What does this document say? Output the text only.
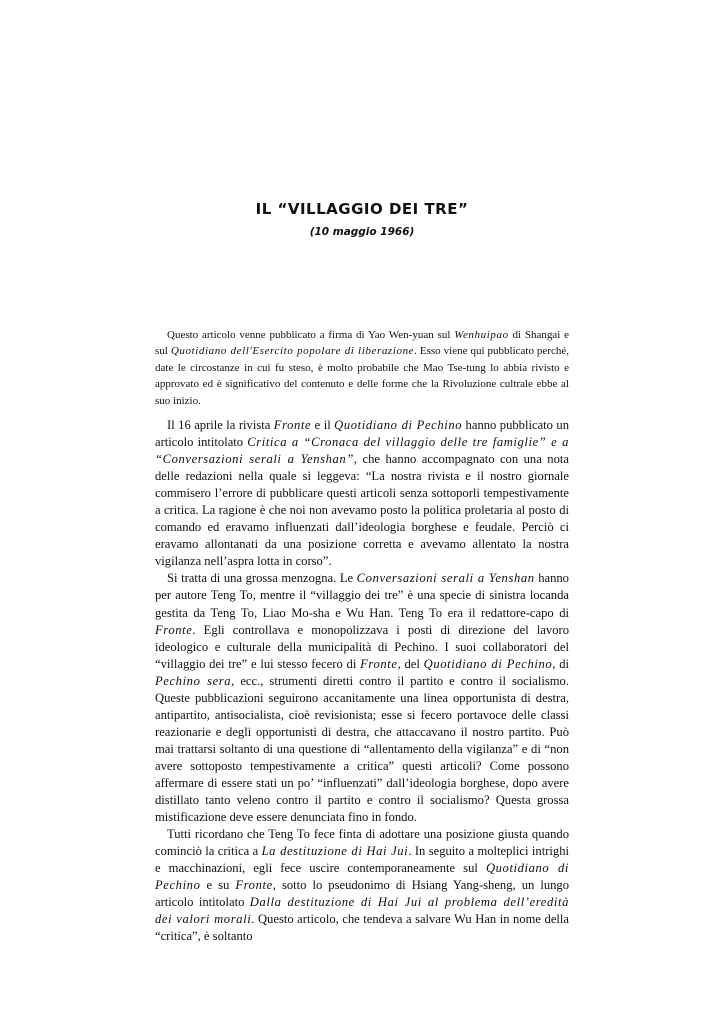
IL “VILLAGGIO DEI TRE”
(10 maggio 1966)

Questo articolo venne pubblicato a firma di Yao Wen-yuan sul Wenhuipao di Shangai e sul Quotidiano dell'Esercito popolare di liberazione. Esso viene qui pubblicato perché, date le circostanze in cui fu steso, è molto probabile che Mao Tse-tung lo abbia rivisto e approvato ed è significativo del contenuto e delle forme che la Rivoluzione cultrale ebbe al suo inizio.

Il 16 aprile la rivista Fronte e il Quotidiano di Pechino hanno pubblicato un articolo intitolato Critica a “Cronaca del villaggio delle tre famiglie” e a “Conversazioni serali a Yenshan”, che hanno accompagnato con una nota delle redazioni nella quale si leggeva: “La nostra rivista e il nostro giornale commisero l’errore di pubblicare questi articoli senza sottoporli tempestivamente a critica. La ragione è che noi non avevamo posto la politica proletaria al posto di comando ed eravamo influenzati dall’ideologia borghese e feudale. Perciò ci eravamo allontanati da una posizione corretta e avevamo allentato la nostra vigilanza nell’aspra lotta in corso”.

Si tratta di una grossa menzogna. Le Conversazioni serali a Yenshan hanno per autore Teng To, mentre il “villaggio dei tre” è una specie di sinistra locanda gestita da Teng To, Liao Mo-sha e Wu Han. Teng To era il redattore-capo di Fronte. Egli controllava e monopolizzava i posti di direzione del lavoro ideologico e culturale della municipalità di Pechino. I suoi collaboratori del “villaggio dei tre” e lui stesso fecero di Fronte, del Quotidiano di Pechino, di Pechino sera, ecc., strumenti diretti contro il partito e contro il socialismo. Queste pubblicazioni seguirono accanitamente una linea opportunista di destra, antipartito, antisocialista, cioè revisionista; esse si fecero portavoce delle classi reazionarie e degli opportunisti di destra, che attaccavano il nostro partito. Può mai trattarsi soltanto di una questione di “allentamento della vigilanza” e di “non avere sottoposto tempestivamente a critica” questi articoli? Come possono affermare di essere stati un po’ “influenzati” dall’ideologia borghese, dopo avere distillato tanto veleno contro il partito e contro il socialismo? Questa grossa mistificazione deve essere denunciata fino in fondo.

Tutti ricordano che Teng To fece finta di adottare una posizione giusta quando cominciò la critica a La destituzione di Hai Jui. In seguito a molteplici intrighi e macchinazioni, egli fece uscire contemporaneamente sul Quotidiano di Pechino e su Fronte, sotto lo pseudonimo di Hsiang Yang-sheng, un lungo articolo intitolato Dalla destituzione di Hai Jui al problema dell’eredità dei valori morali. Questo articolo, che tendeva a salvare Wu Han in nome della “critica”, è soltanto
